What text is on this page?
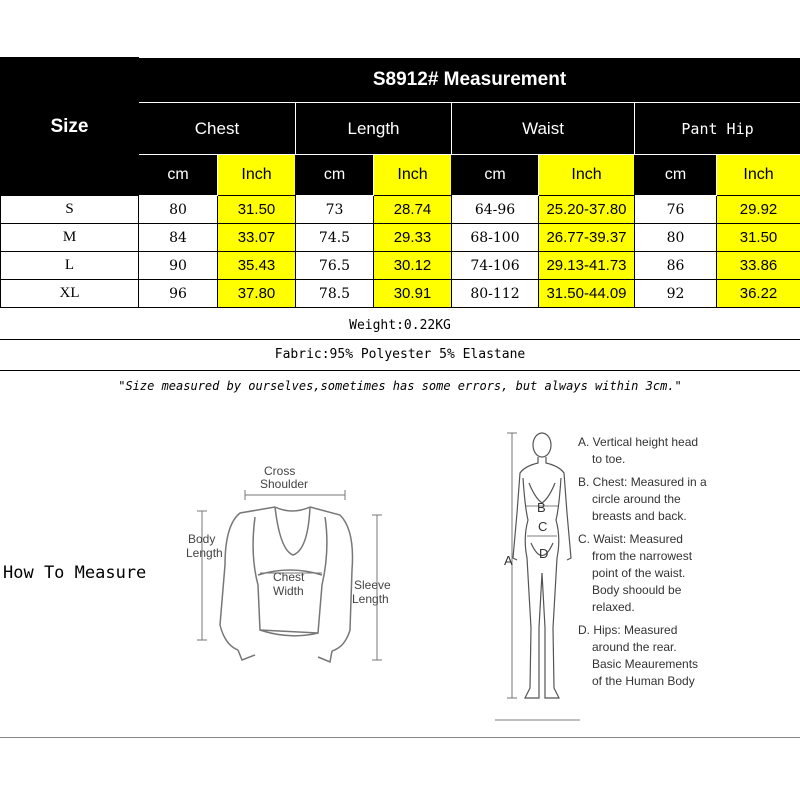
Size	S8912# Measurement							
	Chest		Length		Waist		Pant Hip	
	cm	Inch	cm	Inch	cm	Inch	cm	Inch
S	80	31.50	73	28.74	64-96	25.20-37.80	76	29.92
M	84	33.07	74.5	29.33	68-100	26.77-39.37	80	31.50
L	90	35.43	76.5	30.12	74-106	29.13-41.73	86	33.86
XL	96	37.80	78.5	30.91	80-112	31.50-44.09	92	36.22
Weight:0.22KG
Fabric:95% Polyester 5% Elastane
"Size measured by ourselves,sometimes has some errors, but always within 3cm."
How To Measure
Cross
Shoulder
Body
Length
Chest
Width	Sleeve
Length
B
C
D
A

A. Vertical height head
to toe.

B. Chest: Measured in a
circle around the
breasts and back.

C. Waist: Measured
from the narrowest
point of the waist.
Body shoould be
relaxed.

D. Hips: Measured
around the rear.
Basic Meaurements
of the Human Body
